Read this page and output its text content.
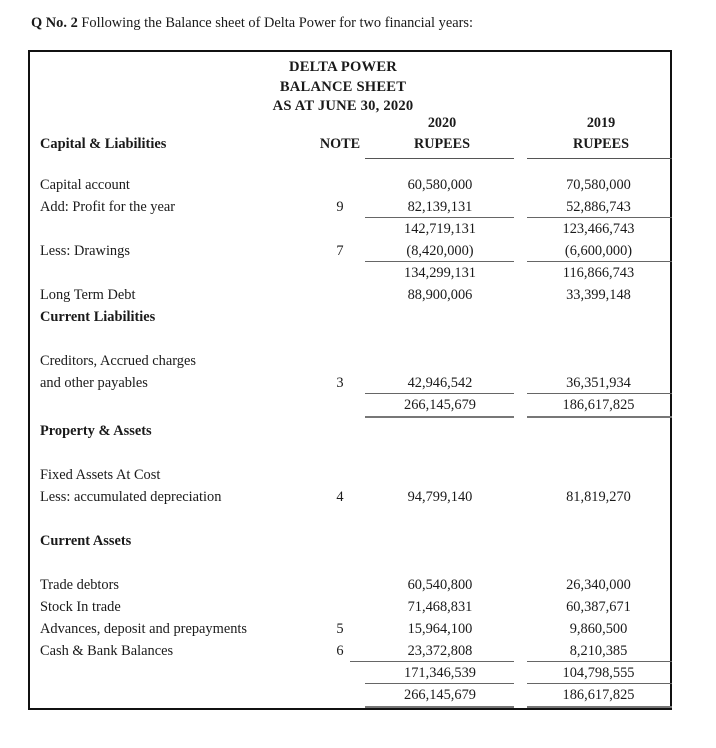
Q No. 2 Following the Balance sheet of Delta Power for two financial years:
DELTA POWER
BALANCE SHEET
AS AT JUNE 30, 2020
2020	2019
Capital & Liabilities	NOTE	RUPEES	RUPEES
Capital account	60,580,000	70,580,000
Add: Profit for the year	9	82,139,131	52,886,743
142,719,131	123,466,743
Less: Drawings	7	(8,420,000)	(6,600,000)
134,299,131	116,866,743
Long Term Debt	88,900,006	33,399,148
Current Liabilities
Creditors, Accrued charges
and other payables	3	42,946,542	36,351,934
266,145,679	186,617,825
Property & Assets
Fixed Assets At Cost
Less: accumulated depreciation	4	94,799,140	81,819,270
Current Assets
Trade debtors	60,540,800	26,340,000
Stock In trade	71,468,831	60,387,671
Advances, deposit and prepayments	5	15,964,100	9,860,500
Cash & Bank Balances	6	23,372,808	8,210,385
171,346,539	104,798,555
266,145,679	186,617,825
